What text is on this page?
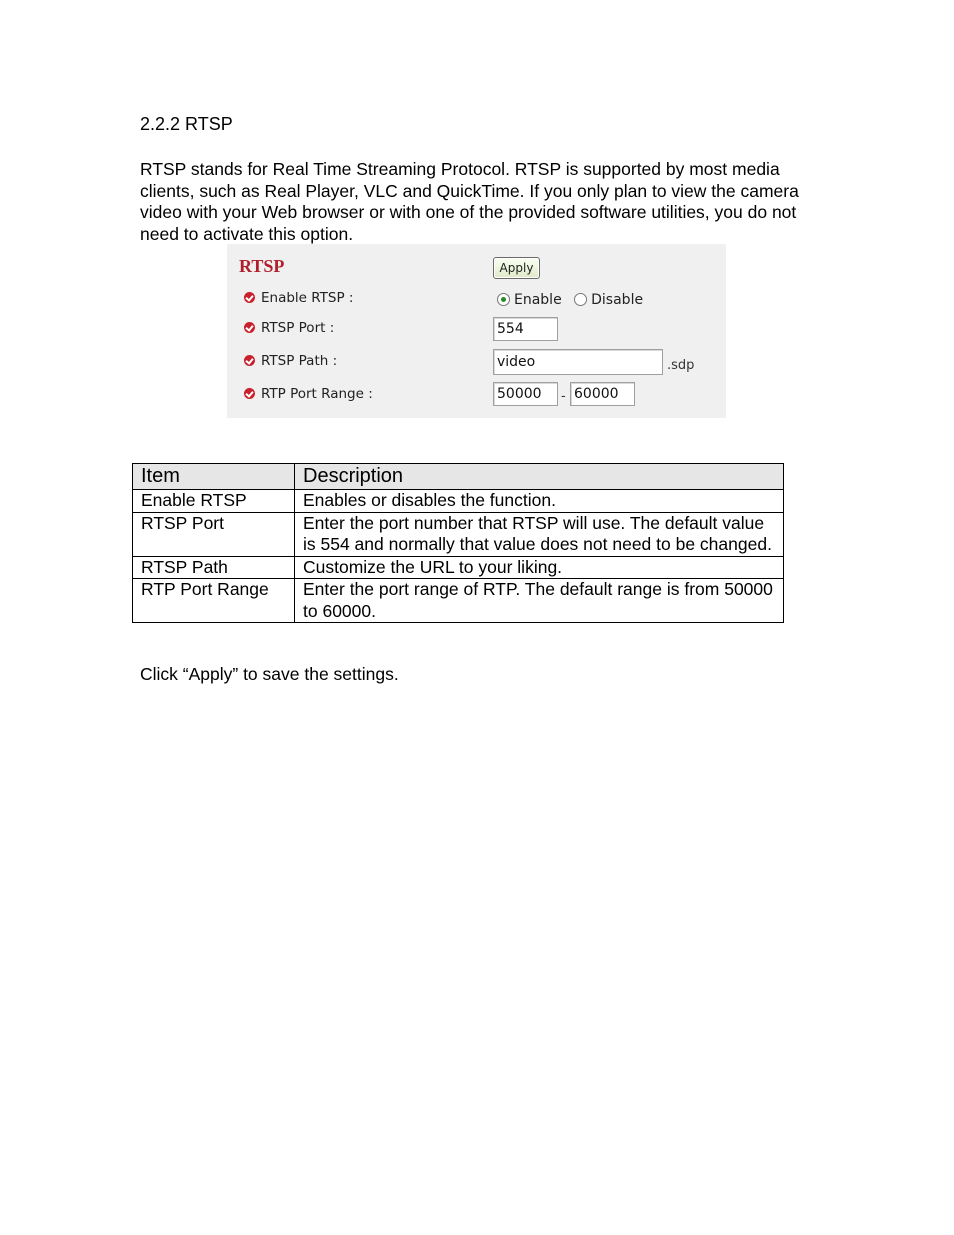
2.2.2 RTSP
RTSP stands for Real Time Streaming Protocol. RTSP is supported by most media clients, such as Real Player, VLC and QuickTime. If you only plan to view the camera video with your Web browser or with one of the provided software utilities, you do not need to activate this option.
RTSP	Apply
Enable RTSP :	Enable Disable
RTSP Port :
554
RTSP Path :
video	.sdp
RTP Port Range :
50000	-
60000
Item	Description
Enable RTSP	Enables or disables the function.
RTSP Port	Enter the port number that RTSP will use. The default value is 554 and normally that value does not need to be changed.
RTSP Path	Customize the URL to your liking.
RTP Port Range	Enter the port range of RTP. The default range is from 50000 to 60000.
Click “Apply” to save the settings.
